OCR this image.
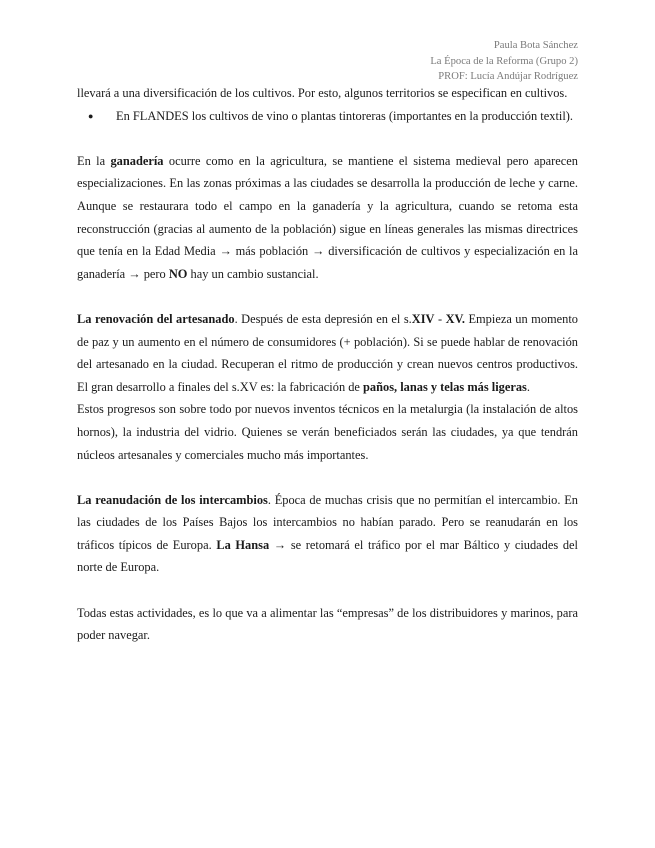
Paula Bota Sánchez
La Época de la Reforma (Grupo 2)
PROF: Lucía Andújar Rodríguez

llevará a una diversificación de los cultivos. Por esto, algunos territorios se especifican en cultivos.

● En FLANDES los cultivos de vino o plantas tintoreras (importantes en la producción textil).

En la ganadería ocurre como en la agricultura, se mantiene el sistema medieval pero aparecen especializaciones. En las zonas próximas a las ciudades se desarrolla la producción de leche y carne. Aunque se restaurara todo el campo en la ganadería y la agricultura, cuando se retoma esta reconstrucción (gracias al aumento de la población) sigue en líneas generales las mismas directrices que tenía en la Edad Media → más población → diversificación de cultivos y especialización en la ganadería → pero NO hay un cambio sustancial.

La renovación del artesanado. Después de esta depresión en el s.XIV - XV. Empieza un momento de paz y un aumento en el número de consumidores (+ población). Si se puede hablar de renovación del artesanado en la ciudad. Recuperan el ritmo de producción y crean nuevos centros productivos. El gran desarrollo a finales del s.XV es: la fabricación de paños, lanas y telas más ligeras.

Estos progresos son sobre todo por nuevos inventos técnicos en la metalurgia (la instalación de altos hornos), la industria del vidrio. Quienes se verán beneficiados serán las ciudades, ya que tendrán núcleos artesanales y comerciales mucho más importantes.

La reanudación de los intercambios. Época de muchas crisis que no permitían el intercambio. En las ciudades de los Países Bajos los intercambios no habían parado. Pero se reanudarán en los tráficos típicos de Europa. La Hansa → se retomará el tráfico por el mar Báltico y ciudades del norte de Europa.

Todas estas actividades, es lo que va a alimentar las “empresas” de los distribuidores y marinos, para poder navegar.
